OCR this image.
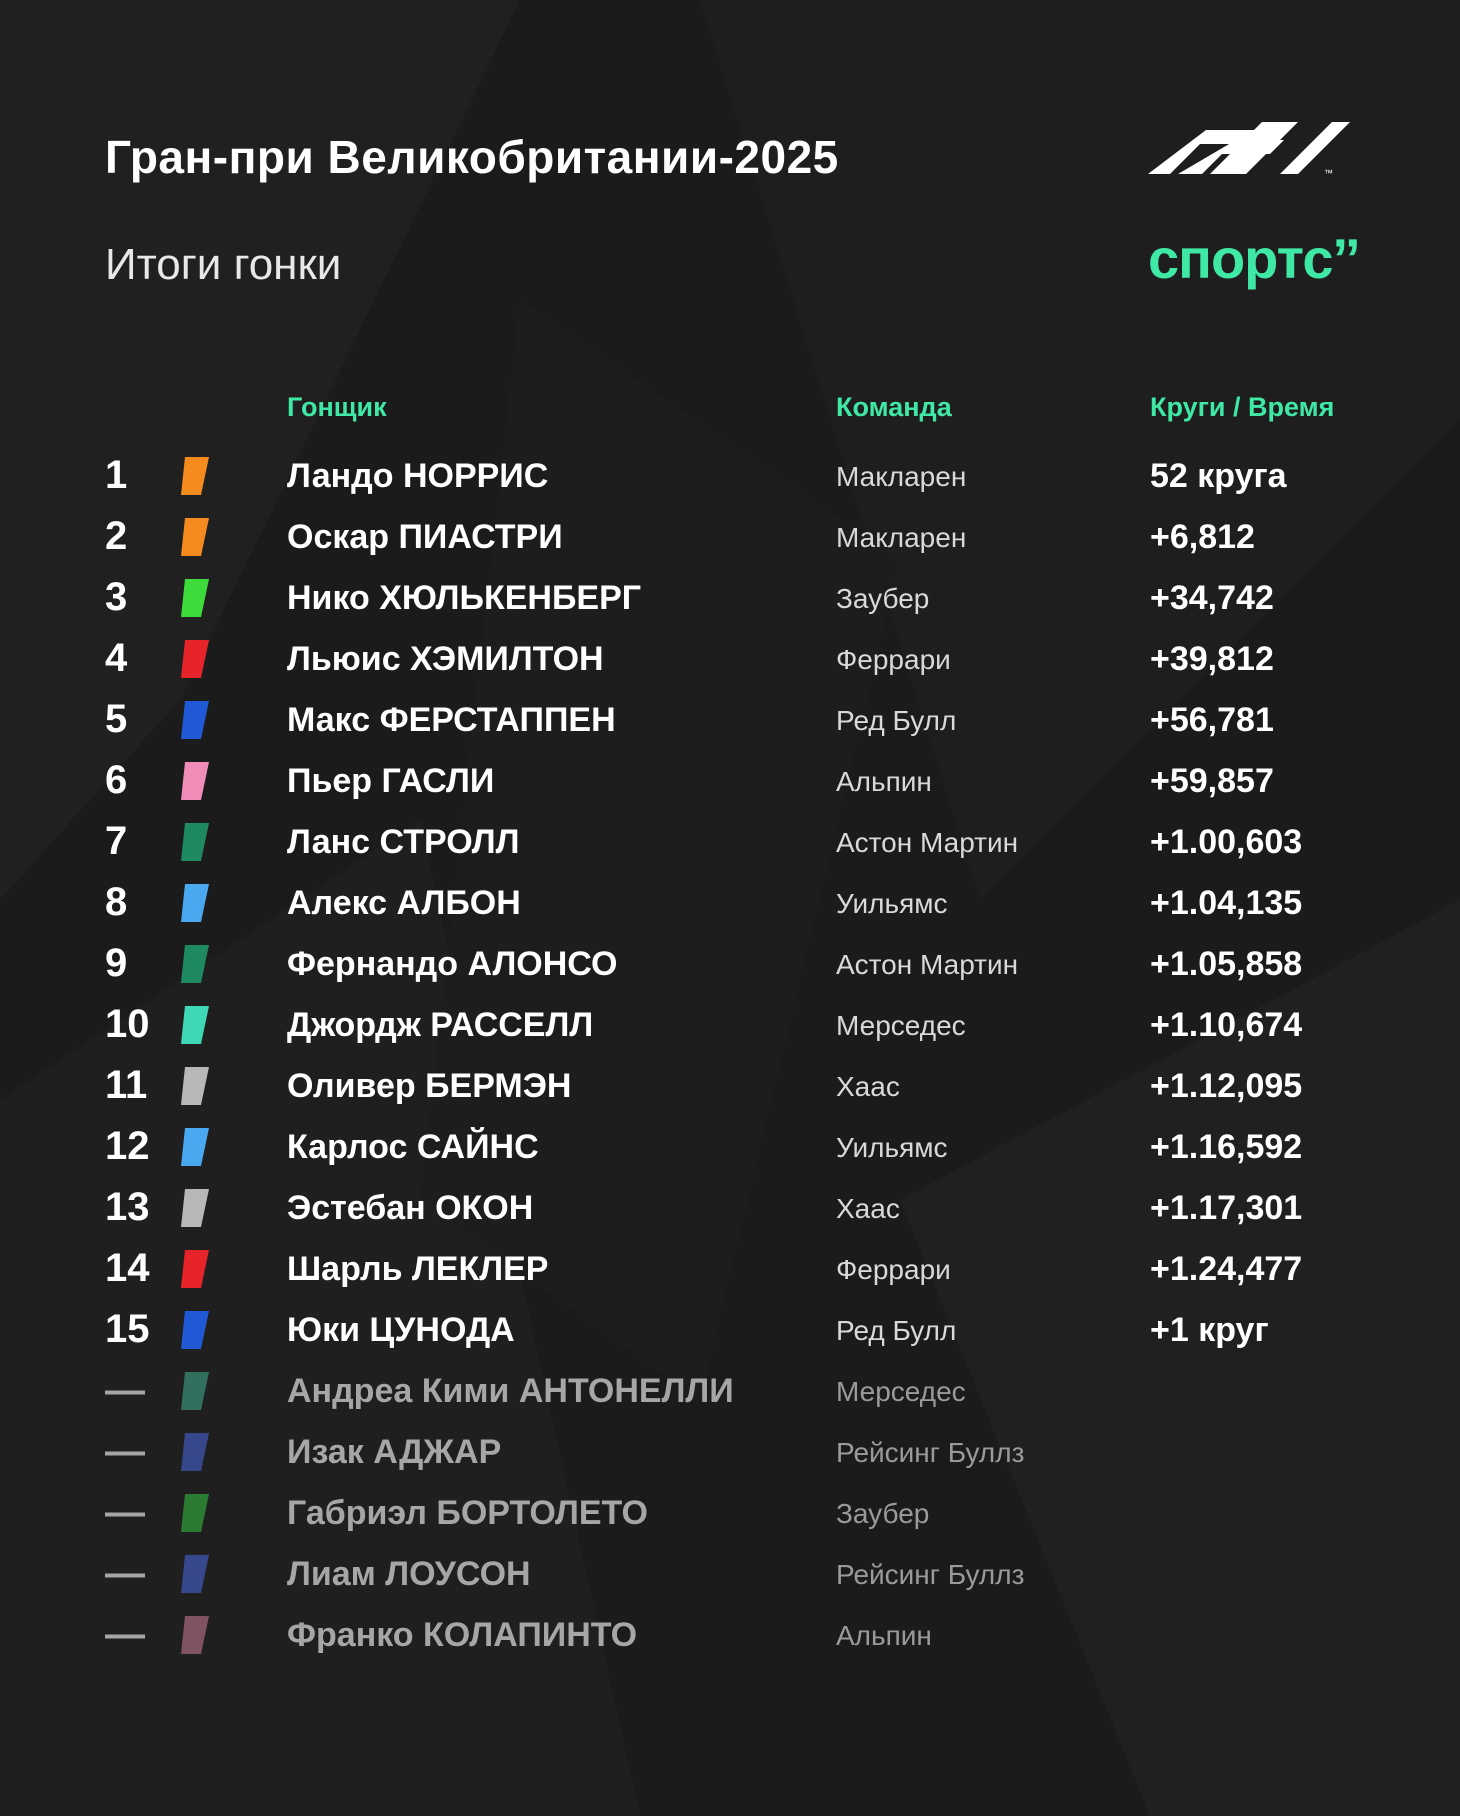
Гран-при Великобритании-2025
Итоги гонки
™
спортс’’
Гонщик	Команда	Круги / Время
1	Ландо НОРРИС	Макларен	52 круга
2	Оскар ПИАСТРИ	Макларен	+6,812
3	Нико ХЮЛЬКЕНБЕРГ	Заубер	+34,742
4	Льюис ХЭМИЛТОН	Феррари	+39,812
5	Макс ФЕРСТАППЕН	Ред Булл	+56,781
6	Пьер ГАСЛИ	Альпин	+59,857
7	Ланс СТРОЛЛ	Астон Мартин	+1.00,603
8	Алекс АЛБОН	Уильямс	+1.04,135
9	Фернандо АЛОНСО	Астон Мартин	+1.05,858
10	Джордж РАССЕЛЛ	Мерседес	+1.10,674
11	Оливер БЕРМЭН	Хаас	+1.12,095
12	Карлос САЙНС	Уильямс	+1.16,592
13	Эстебан ОКОН	Хаас	+1.17,301
14	Шарль ЛЕКЛЕР	Феррари	+1.24,477
15	Юки ЦУНОДА	Ред Булл	+1 круг
—	Андреа Кими АНТОНЕЛЛИ	Мерседес
—	Изак АДЖАР	Рейсинг Буллз
—	Габриэл БОРТОЛЕТО	Заубер
—	Лиам ЛОУСОН	Рейсинг Буллз
—	Франко КОЛАПИНТО	Альпин
